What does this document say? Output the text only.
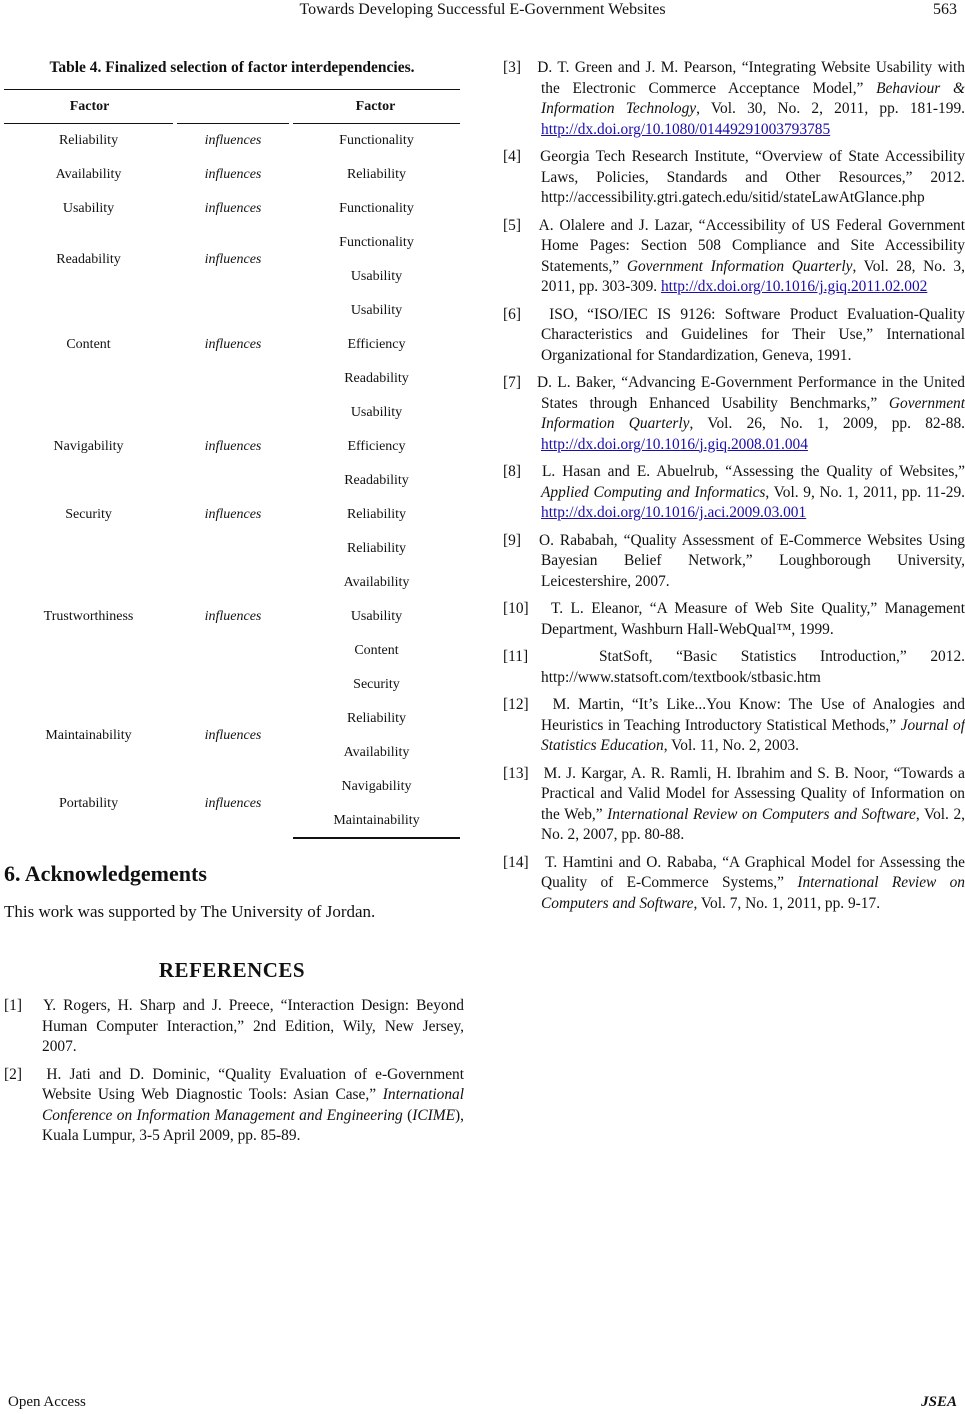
Towards Developing Successful E-Government Websites	563

Table 4. Finalized selection of factor interdependencies.

Factor		Factor
Reliability	influences	Functionality
Availability	influences	Reliability
Usability	influences	Functionality
Readability	influences	Functionality
		Usability
Content	influences	Usability
		Efficiency
		Readability
Navigability	influences	Usability
		Efficiency
		Readability
Security	influences	Reliability
Trustworthiness	influences	Reliability
		Availability
		Usability
		Content
		Security
Maintainability	influences	Reliability
		Availability
Portability	influences	Navigability
		Maintainability
6. Acknowledgements

This work was supported by The University of Jordan.

REFERENCES

[1] Y. Rogers, H. Sharp and J. Preece, “Interaction Design: Beyond Human Computer Interaction,” 2nd Edition, Wily, New Jersey, 2007.

[2] H. Jati and D. Dominic, “Quality Evaluation of e-Government Website Using Web Diagnostic Tools: Asian Case,” International Conference on Information Management and Engineering (ICIME), Kuala Lumpur, 3-5 April 2009, pp. 85-89.

[3] D. T. Green and J. M. Pearson, “Integrating Website Usability with the Electronic Commerce Acceptance Model,” Behaviour & Information Technology, Vol. 30, No. 2, 2011, pp. 181-199. http://dx.doi.org/10.1080/01449291003793785

[4] Georgia Tech Research Institute, “Overview of State Accessibility Laws, Policies, Standards and Other Resources,” 2012. http://accessibility.gtri.gatech.edu/sitid/stateLawAtGlance.php

[5] A. Olalere and J. Lazar, “Accessibility of US Federal Government Home Pages: Section 508 Compliance and Site Accessibility Statements,” Government Information Quarterly, Vol. 28, No. 3, 2011, pp. 303-309. http://dx.doi.org/10.1016/j.giq.2011.02.002

[6] ISO, “ISO/IEC IS 9126: Software Product Evaluation-Quality Characteristics and Guidelines for Their Use,” International Organizational for Standardization, Geneva, 1991.

[7] D. L. Baker, “Advancing E-Government Performance in the United States through Enhanced Usability Benchmarks,” Government Information Quarterly, Vol. 26, No. 1, 2009, pp. 82-88. http://dx.doi.org/10.1016/j.giq.2008.01.004

[8] L. Hasan and E. Abuelrub, “Assessing the Quality of Websites,” Applied Computing and Informatics, Vol. 9, No. 1, 2011, pp. 11-29. http://dx.doi.org/10.1016/j.aci.2009.03.001

[9] O. Rababah, “Quality Assessment of E-Commerce Websites Using Bayesian Belief Network,” Loughborough University, Leicestershire, 2007.

[10] T. L. Eleanor, “A Measure of Web Site Quality,” Management Department, Washburn Hall-WebQual™, 1999.

[11]	StatSoft, “Basic Statistics Introduction,” 2012. http://www.statsoft.com/textbook/stbasic.htm

[12] M. Martin, “It’s Like...You Know: The Use of Analogies and Heuristics in Teaching Introductory Statistical Methods,” Journal of Statistics Education, Vol. 11, No. 2, 2003.

[13] M. J. Kargar, A. R. Ramli, H. Ibrahim and S. B. Noor, “Towards a Practical and Valid Model for Assessing Quality of Information on the Web,” International Review on Computers and Software, Vol. 2, No. 2, 2007, pp. 80-88.

[14] T. Hamtini and O. Rababa, “A Graphical Model for Assessing the Quality of E-Commerce Systems,” International Review on Computers and Software, Vol. 7, No. 1, 2011, pp. 9-17.

Open Access	JSEA
